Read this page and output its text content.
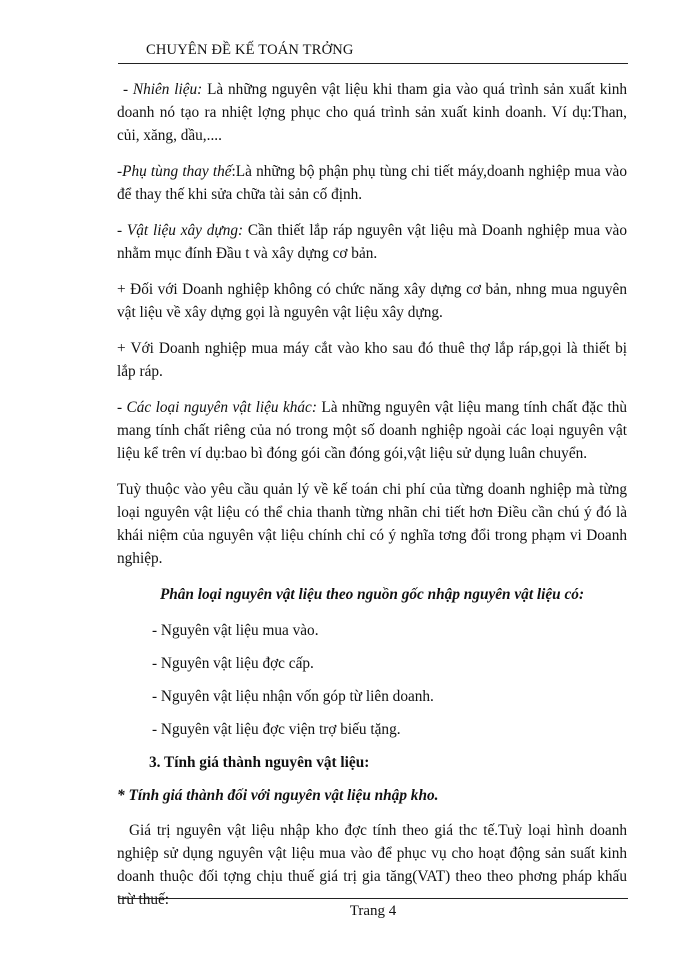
CHUYÊN ĐỀ KẾ TOÁN TRỞNG

- Nhiên liệu: Là những nguyên vật liệu khi tham gia vào quá trình sản xuất kinh doanh nó tạo ra nhiệt lợng phục cho quá trình sản xuất kinh doanh. Ví dụ:Than, củi, xăng, dầu,....

-Phụ tùng thay thế:Là những bộ phận phụ tùng chi tiết máy,doanh nghiệp mua vào để thay thế khi sửa chữa tài sản cố định.

- Vật liệu xây dựng: Cần thiết lắp ráp nguyên vật liệu mà Doanh nghiệp mua vào nhằm mục đính Đầu t và xây dựng cơ bản.

+ Đối với Doanh nghiệp không có chức năng xây dựng cơ bản, nhng mua nguyên vật liệu về xây dựng gọi là nguyên vật liệu xây dựng.

+ Với Doanh nghiệp mua máy cắt vào kho sau đó thuê thợ lắp ráp,gọi là thiết bị lắp ráp.

- Các loại nguyên vật liệu khác: Là những nguyên vật liệu mang tính chất đặc thù mang tính chất riêng của nó trong một số doanh nghiệp ngoài các loại nguyên vật liệu kể trên ví dụ:bao bì đóng gói cần đóng gói,vật liệu sử dụng luân chuyển.

Tuỳ thuộc vào yêu cầu quản lý về kế toán chi phí của từng doanh nghiệp mà từng loại nguyên vật liệu có thể chia thanh từng nhãn chi tiết hơn Điều cần chú ý đó là khái niệm của nguyên vật liệu chính chỉ có ý nghĩa tơng đổi trong phạm vi Doanh nghiệp.

Phân loại nguyên vật liệu theo nguồn gốc nhập nguyên vật liệu có:

- Nguyên vật liệu mua vào.

- Nguyên vật liệu đợc cấp.

- Nguyên vật liệu nhận vốn góp từ liên doanh.

- Nguyên vật liệu đợc viện trợ biếu tặng.

3. Tính giá thành nguyên vật liệu:

* Tính giá thành đối với nguyên vật liệu nhập kho.

Giá trị nguyên vật liệu nhập kho đợc tính theo giá thc tế.Tuỳ loại hình doanh nghiệp sử dụng nguyên vật liệu mua vào để phục vụ cho hoạt động sản suất kinh doanh thuộc đối tợng chịu thuế giá trị gia tăng(VAT) theo theo phơng pháp khấu trừ thuế:

Trang 4
